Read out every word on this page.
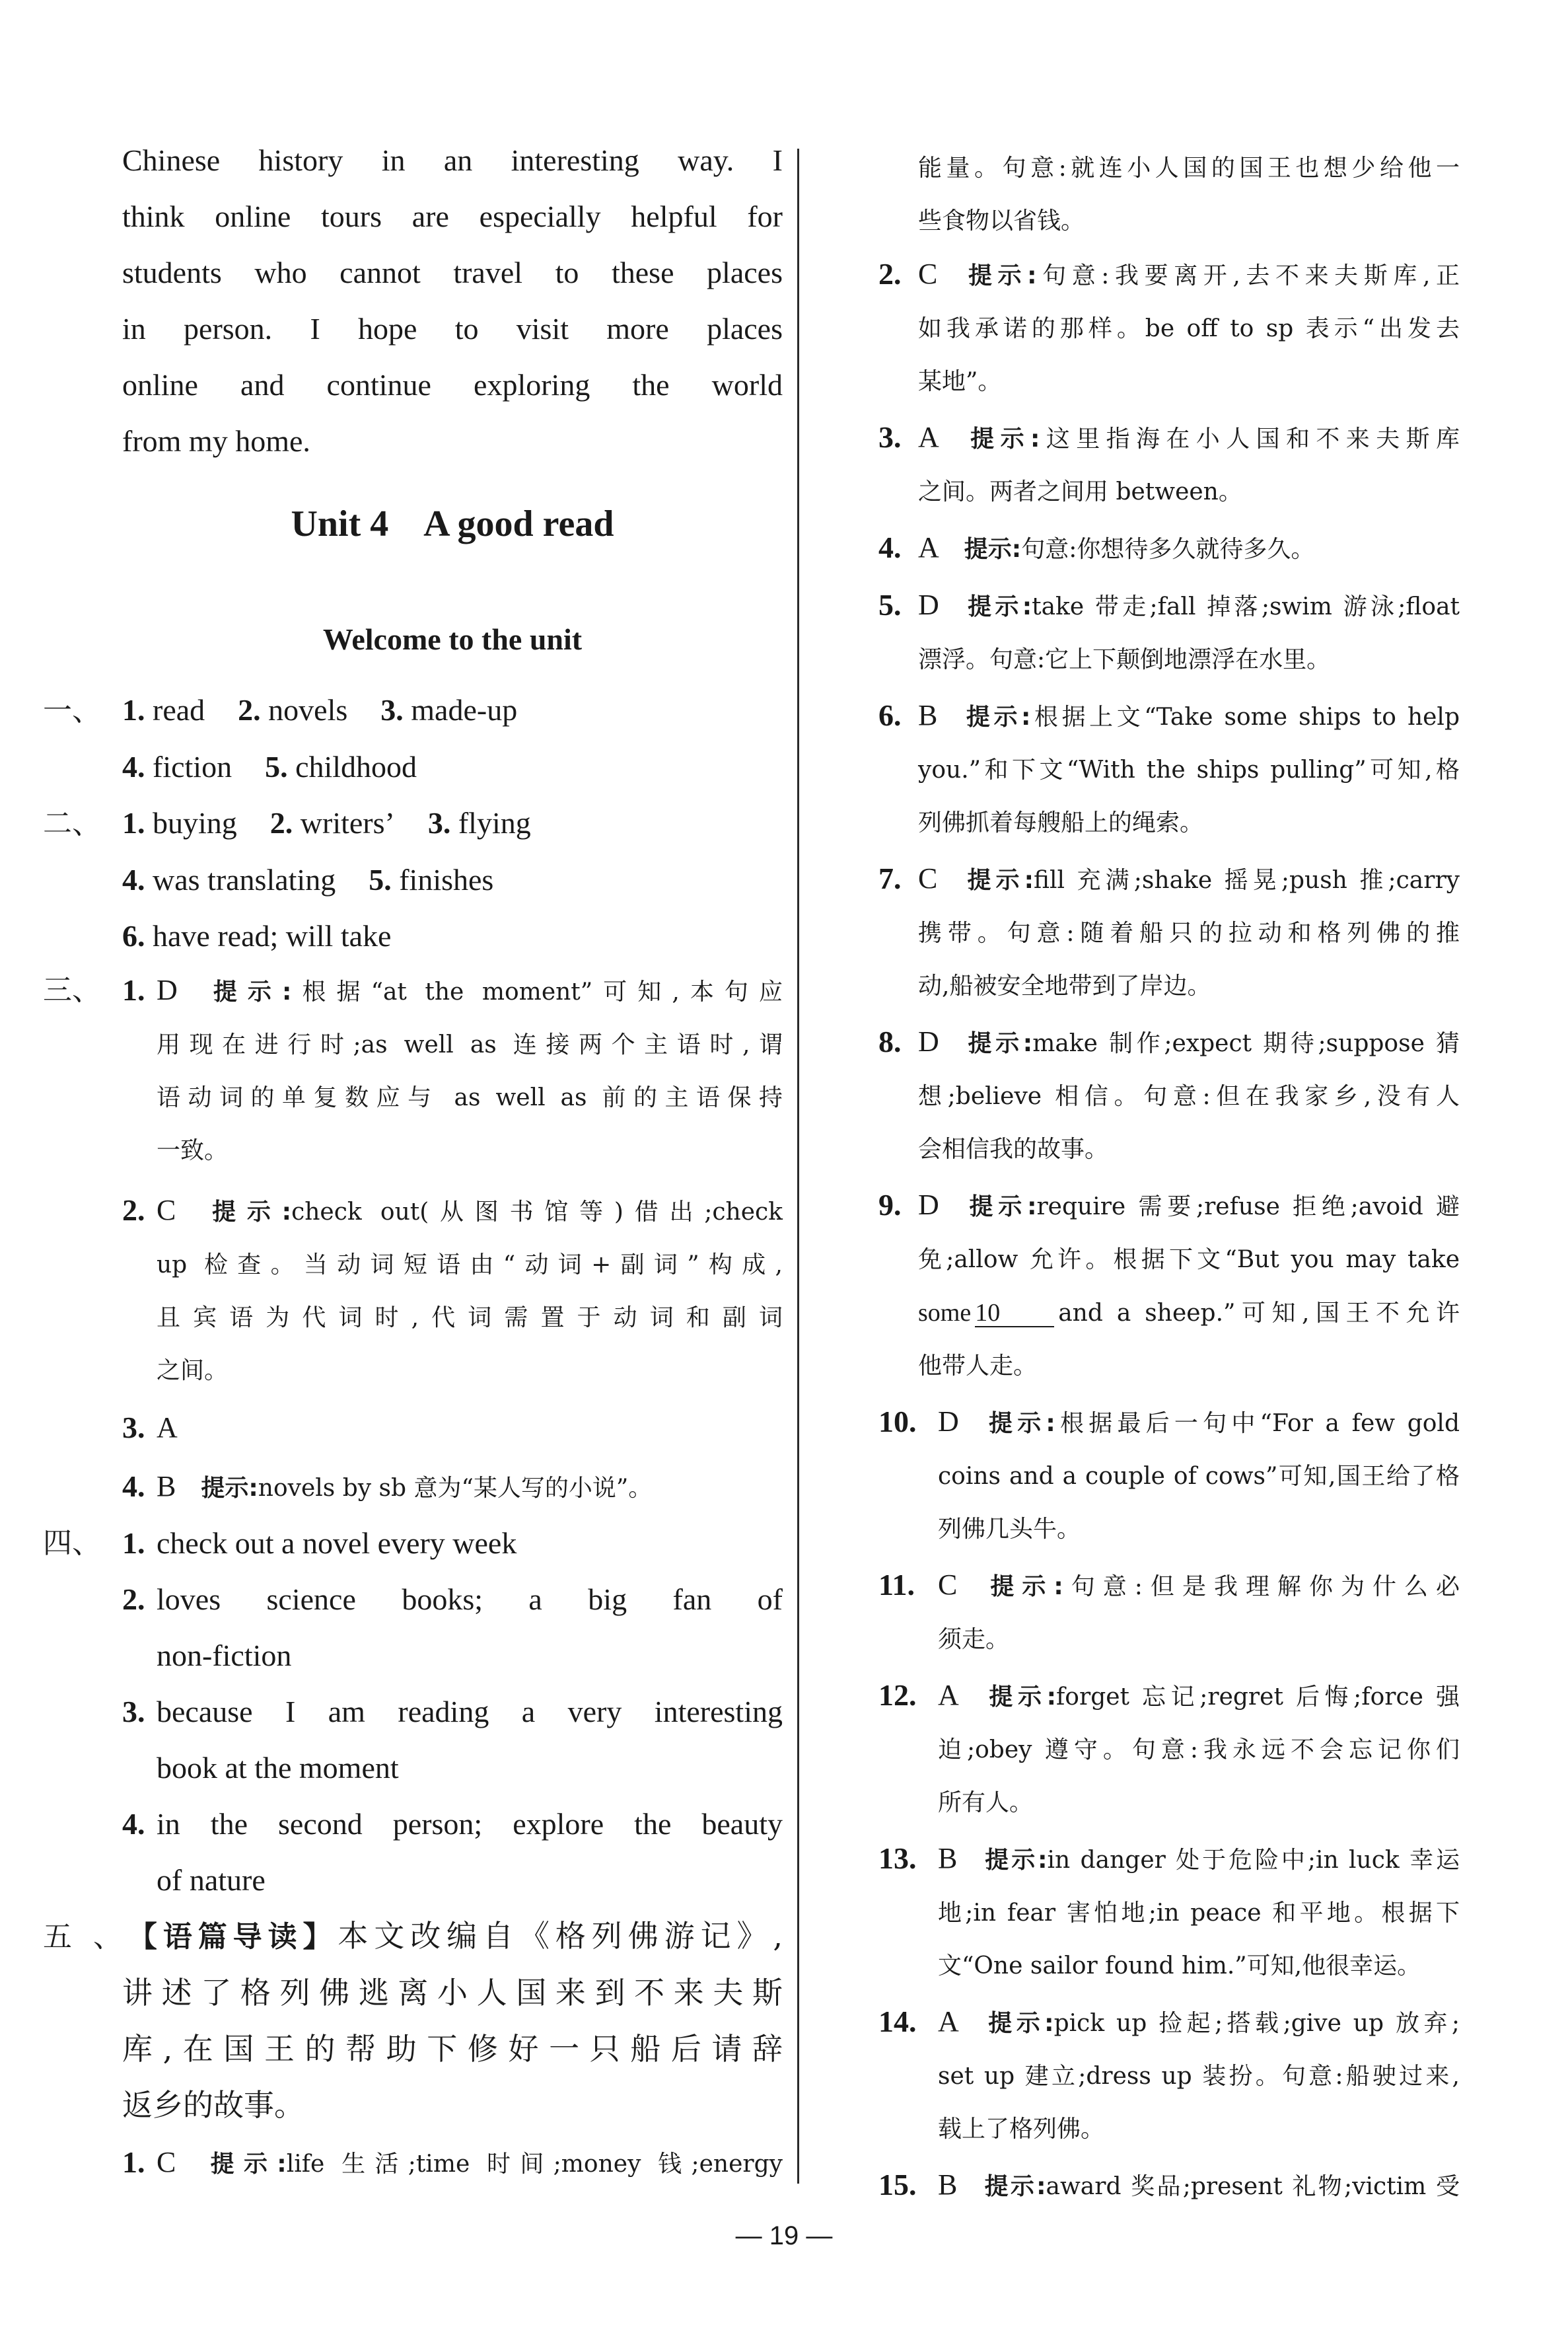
Chinese history in an interesting way. I

think online tours are especially helpful for

students who cannot travel to these places

in person. I hope to visit more places

online and continue exploring the world

from my home.

Unit 4    A good read
Welcome to the unit

一、 1. read 2. novels 3. made-up

4. fiction 5. childhood

二、 1. buying 2. writers’ 3. flying

4. was translating 5. finishes

6. have read; will take

三、 1. D 提示:根据“at the moment”可知,本句应

用现在进行时;as well as 连接两个主语时,谓

语动词的单复数应与 as well as 前的主语保持

一致。

2. C 提示:check out(从图书馆等)借出;check

up 检查。当动词短语由“动词+副词”构成,

且宾语为代词时,代词需置于动词和副词

之间。

3. A

4. B 提示:novels by sb 意为“某人写的小说”。

四、 1. check out a novel every week

2. loves science books; a big fan of

non-fiction

3. because I am reading a very interesting

book at the moment

4. in the second person; explore the beauty

of nature

五、【语篇导读】本文改编自《格列佛游记》,

讲述了格列佛逃离小人国来到不来夫斯

库,在国王的帮助下修好一只船后请辞

返乡的故事。

1. C 提示:life 生活;time 时间;money 钱;energy

能量。句意:就连小人国的国王也想少给他一

些食物以省钱。

2. C 提示:句意:我要离开,去不来夫斯库,正

如我承诺的那样。be off to sp 表示“出发去

某地”。

3. A 提示:这里指海在小人国和不来夫斯库

之间。两者之间用 between。

4. A 提示:句意:你想待多久就待多久。

5. D 提示:take 带走;fall 掉落;swim 游泳;float

漂浮。句意:它上下颠倒地漂浮在水里。

6. B 提示:根据上文“Take some ships to help

you.”和下文“With the ships pulling”可知,格

列佛抓着每艘船上的绳索。

7. C 提示:fill 充满;shake 摇晃;push 推;carry

携带。句意:随着船只的拉动和格列佛的推

动,船被安全地带到了岸边。

8. D 提示:make 制作;expect 期待;suppose 猜

想;believe 相信。句意:但在我家乡,没有人

会相信我的故事。

9. D 提示:require 需要;refuse 拒绝;avoid 避

免;allow 允许。根据下文“But you may take

some 10 and a sheep.”可知,国王不允许

他带人走。

10. D 提示:根据最后一句中“For a few gold

coins and a couple of cows”可知,国王给了格

列佛几头牛。

11. C 提示:句意:但是我理解你为什么必

须走。

12. A 提示:forget 忘记;regret 后悔;force 强

迫;obey 遵守。句意:我永远不会忘记你们

所有人。

13. B 提示:in danger 处于危险中;in luck 幸运

地;in fear 害怕地;in peace 和平地。根据下

文“One sailor found him.”可知,他很幸运。

14. A 提示:pick up 捡起;搭载;give up 放弃;

set up 建立;dress up 装扮。句意:船驶过来,

载上了格列佛。

15. B 提示:award 奖品;present 礼物;victim 受

— 19 —
